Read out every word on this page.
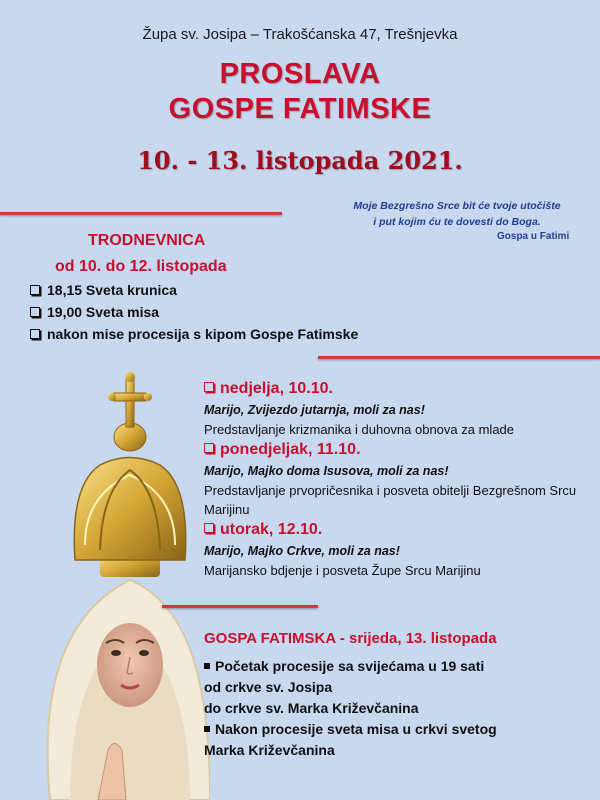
Župa sv. Josipa – Trakošćanska 47, Trešnjevka
PROSLAVA
GOSPE FATIMSKE
10. - 13. listopada 2021.
Moje Bezgrešno Srce bit će tvoje utočište
i put kojim ću te dovesti do Boga.
Gospa u Fatimi
TRODNEVNICA
od 10. do 12. listopada
18,15 Sveta krunica
19,00 Sveta misa
nakon mise procesija s kipom Gospe Fatimske
nedjelja, 10.10.
Marijo, Zvijezdo jutarnja, moli za nas!
Predstavljanje krizmanika i duhovna obnova za mlade
ponedjeljak, 11.10.
Marijo, Majko doma Isusova, moli za nas!
Predstavljanje prvopričesnika i posveta obitelji Bezgrešnom Srcu Marijinu
utorak, 12.10.
Marijo, Majko Crkve, moli za nas!
Marijansko bdjenje i posveta Župe Srcu Marijinu
GOSPA FATIMSKA - srijeda, 13. listopada
Početak procesije sa svijećama u 19 sati
od crkve sv. Josipa
do crkve sv. Marka Križevčanina
Nakon procesije sveta misa u crkvi svetog
Marka Križevčanina
